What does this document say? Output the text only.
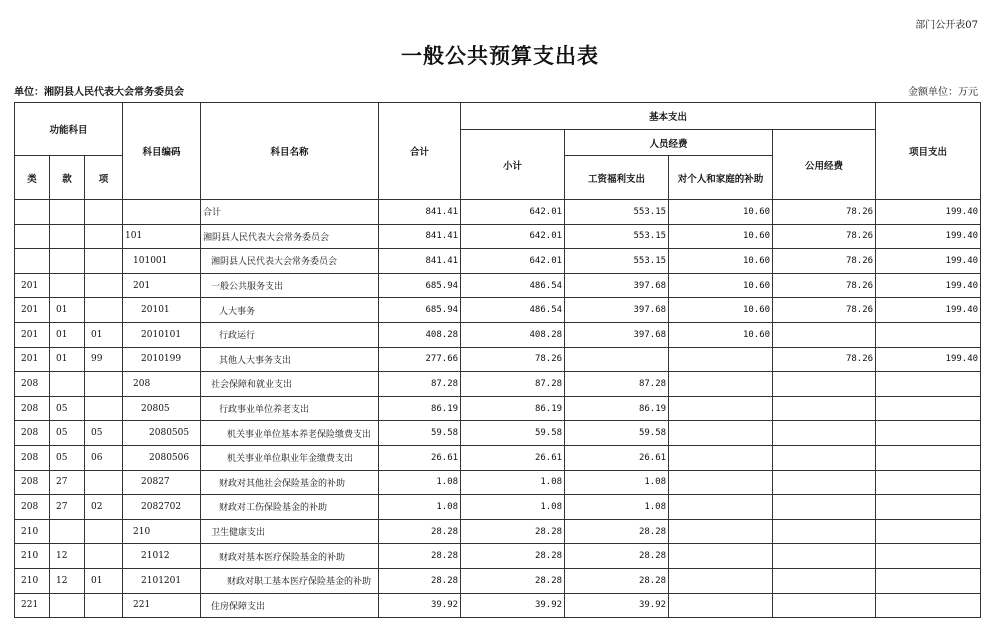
部门公开表07
一般公共预算支出表
单位：湘阴县人民代表大会常务委员会	金额单位：万元
功能科目			科目编码	科目名称	合计	基本支出				项目支出
						小计	人员经费		公用经费	
类	款	项					工资福利支出	对个人和家庭的补助		

				合计	841.41	642.01	553.15	10.60	78.26	199.40
			101	湘阴县人民代表大会常务委员会	841.41	642.01	553.15	10.60	78.26	199.40
			101001	湘阴县人民代表大会常务委员会	841.41	642.01	553.15	10.60	78.26	199.40
201			201	一般公共服务支出	685.94	486.54	397.68	10.60	78.26	199.40
201	01		20101	人大事务	685.94	486.54	397.68	10.60	78.26	199.40
201	01	01	2010101	行政运行	408.28	408.28	397.68	10.60		
201	01	99	2010199	其他人大事务支出	277.66	78.26			78.26	199.40
208			208	社会保障和就业支出	87.28	87.28	87.28			
208	05		20805	行政事业单位养老支出	86.19	86.19	86.19			
208	05	05	2080505	机关事业单位基本养老保险缴费支出	59.58	59.58	59.58			
208	05	06	2080506	机关事业单位职业年金缴费支出	26.61	26.61	26.61			
208	27		20827	财政对其他社会保险基金的补助	1.08	1.08	1.08			
208	27	02	2082702	财政对工伤保险基金的补助	1.08	1.08	1.08			
210			210	卫生健康支出	28.28	28.28	28.28			
210	12		21012	财政对基本医疗保险基金的补助	28.28	28.28	28.28			
210	12	01	2101201	财政对职工基本医疗保险基金的补助	28.28	28.28	28.28			
221			221	住房保障支出	39.92	39.92	39.92			
